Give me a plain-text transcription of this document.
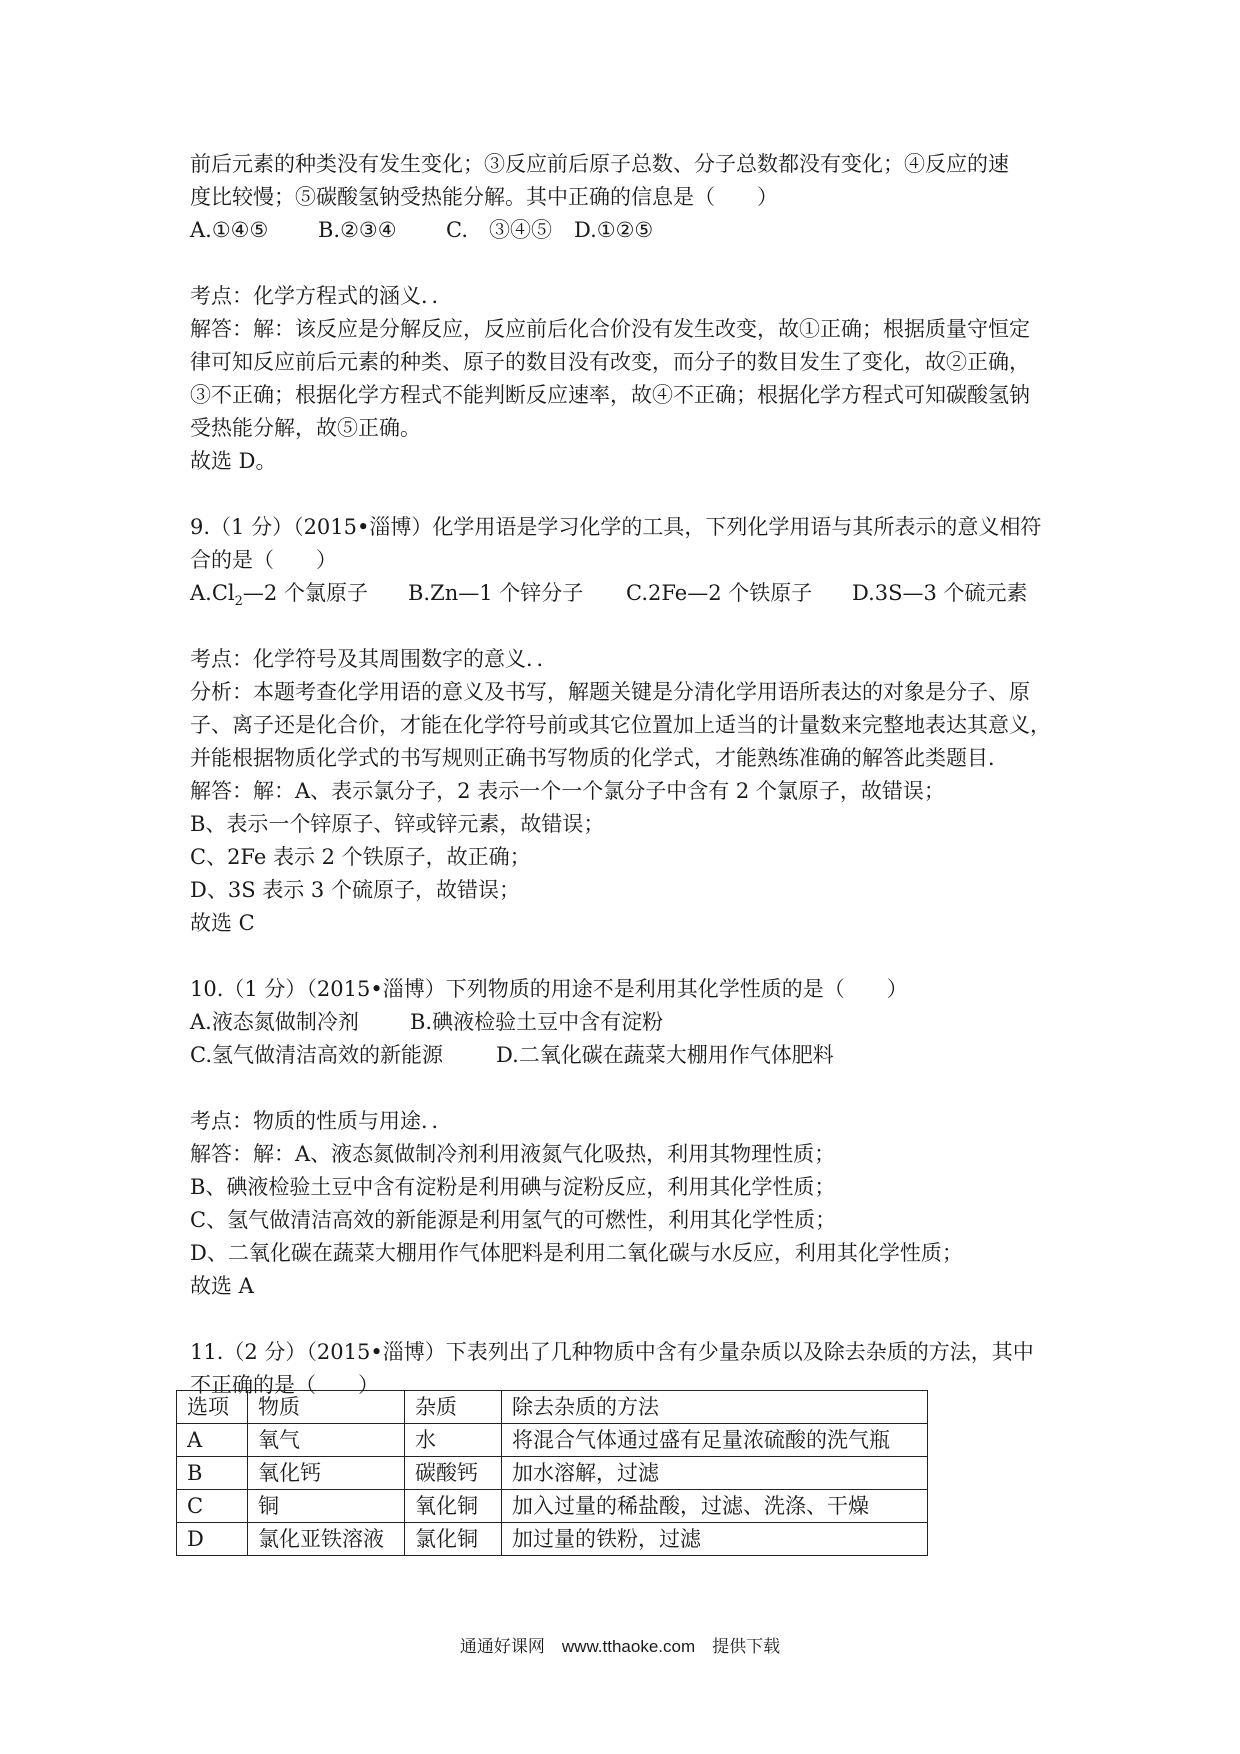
前后元素的种类没有发生变化；③反应前后原子总数、分子总数都没有变化；④反应的速
度比较慢；⑤碳酸氢钠受热能分解。其中正确的信息是（　　）
A.①④⑤	B.②③④	C.　③④⑤	D.①②⑤
考点：化学方程式的涵义．．
解答：解：该反应是分解反应，反应前后化合价没有发生改变，故①正确；根据质量守恒定
律可知反应前后元素的种类、原子的数目没有改变，而分子的数目发生了变化，故②正确，
③不正确；根据化学方程式不能判断反应速率，故④不正确；根据化学方程式可知碳酸氢钠
受热能分解，故⑤正确。
故选 D。
9.（1 分）（2015•淄博）化学用语是学习化学的工具，下列化学用语与其所表示的意义相符
合的是（　　）
$A.Cl_2—2$ 个氯原子	B.Zn—1 个锌分子	C.2Fe—2 个铁原子	D.3S—3 个硫元素
考点：化学符号及其周围数字的意义．．
分析：本题考查化学用语的意义及书写，解题关键是分清化学用语所表达的对象是分子、原
子、离子还是化合价，才能在化学符号前或其它位置加上适当的计量数来完整地表达其意义，
并能根据物质化学式的书写规则正确书写物质的化学式，才能熟练准确的解答此类题目．
解答：解：A、表示氯分子，2 表示一个一个氯分子中含有 2 个氯原子，故错误；
B、表示一个锌原子、锌或锌元素，故错误；
C、2Fe 表示 2 个铁原子，故正确；
D、3S 表示 3 个硫原子，故错误；
故选 C
10.（1 分）（2015•淄博）下列物质的用途不是利用其化学性质的是（　　）
A.液态氮做制冷剂	B.碘液检验土豆中含有淀粉
C.氢气做清洁高效的新能源	D.二氧化碳在蔬菜大棚用作气体肥料
考点：物质的性质与用途．．
解答：解：A、液态氮做制冷剂利用液氮气化吸热，利用其物理性质；
B、碘液检验土豆中含有淀粉是利用碘与淀粉反应，利用其化学性质；
C、氢气做清洁高效的新能源是利用氢气的可燃性，利用其化学性质；
D、二氧化碳在蔬菜大棚用作气体肥料是利用二氧化碳与水反应，利用其化学性质；
故选 A
11.（2 分）（2015•淄博）下表列出了几种物质中含有少量杂质以及除去杂质的方法，其中
不正确的是（　　）
选项	物质	杂质	除去杂质的方法
A	氧气	水	将混合气体通过盛有足量浓硫酸的洗气瓶
B	氧化钙	碳酸钙	加水溶解，过滤
C	铜	氧化铜	加入过量的稀盐酸，过滤、洗涤、干燥
D	氯化亚铁溶液	氯化铜	加过量的铁粉，过滤
通通好课网　www.tthaoke.com　提供下载
